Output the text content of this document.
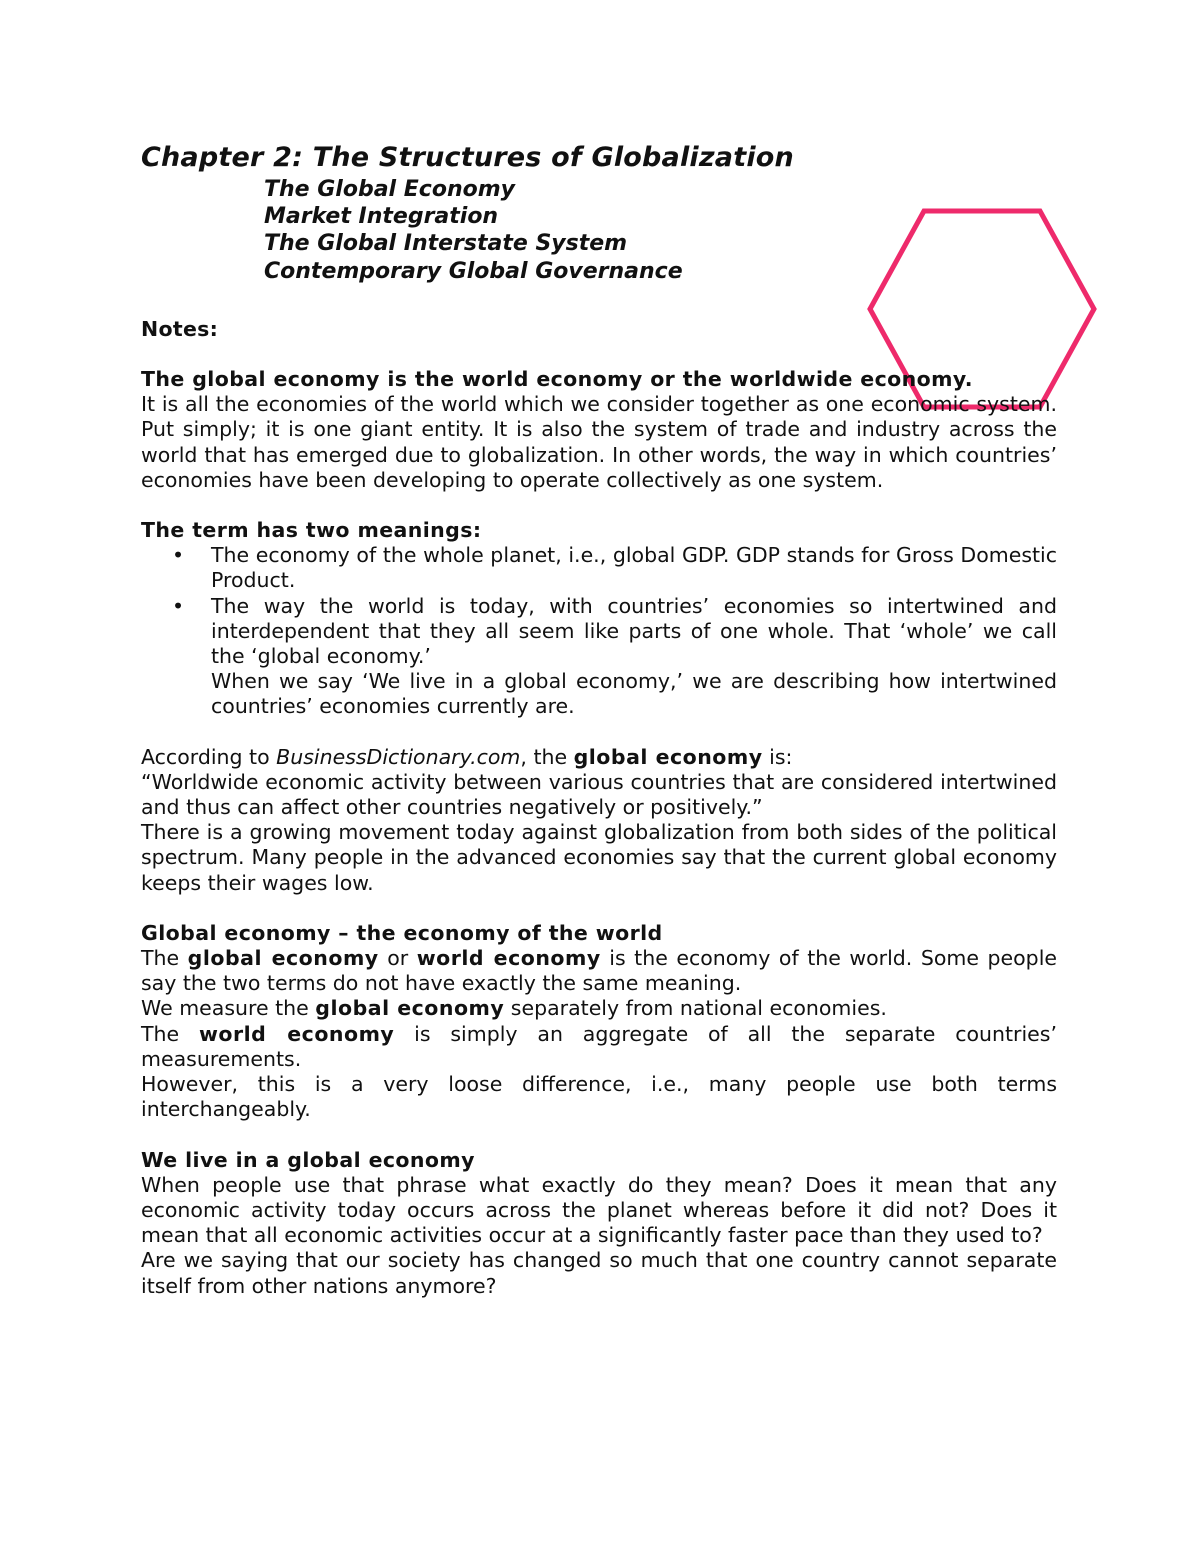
Chapter 2: The Structures of Globalization
The Global Economy
Market Integration
The Global Interstate System
Contemporary Global Governance

Notes:

The global economy is the world economy or the worldwide economy.

It is all the economies of the world which we consider together as one economic system. Put simply; it is one giant entity. It is also the system of trade and industry across the world that has emerged due to globalization. In other words, the way in which countries’ economies have been developing to operate collectively as one system.

The term has two meanings:

• The economy of the whole planet, i.e., global GDP. GDP stands for Gross Domestic Product.
• The way the world is today, with countries’ economies so intertwined and interdependent that they all seem like parts of one whole. That ‘whole’ we call the ‘global economy.’
When we say ‘We live in a global economy,’ we are describing how intertwined countries’ economies currently are.

According to BusinessDictionary.com, the global economy is:

“Worldwide economic activity between various countries that are considered intertwined and thus can affect other countries negatively or positively.”

There is a growing movement today against globalization from both sides of the political spectrum. Many people in the advanced economies say that the current global economy keeps their wages low.

Global economy – the economy of the world

The global economy or world economy is the economy of the world. Some people say the two terms do not have exactly the same meaning.

We measure the global economy separately from national economies.

The world economy is simply an aggregate of all the separate countries’ measurements.

However, this is a very loose difference, i.e., many people use both terms interchangeably.

We live in a global economy

When people use that phrase what exactly do they mean? Does it mean that any economic activity today occurs across the planet whereas before it did not? Does it mean that all economic activities occur at a significantly faster pace than they used to?

Are we saying that our society has changed so much that one country cannot separate itself from other nations anymore?
